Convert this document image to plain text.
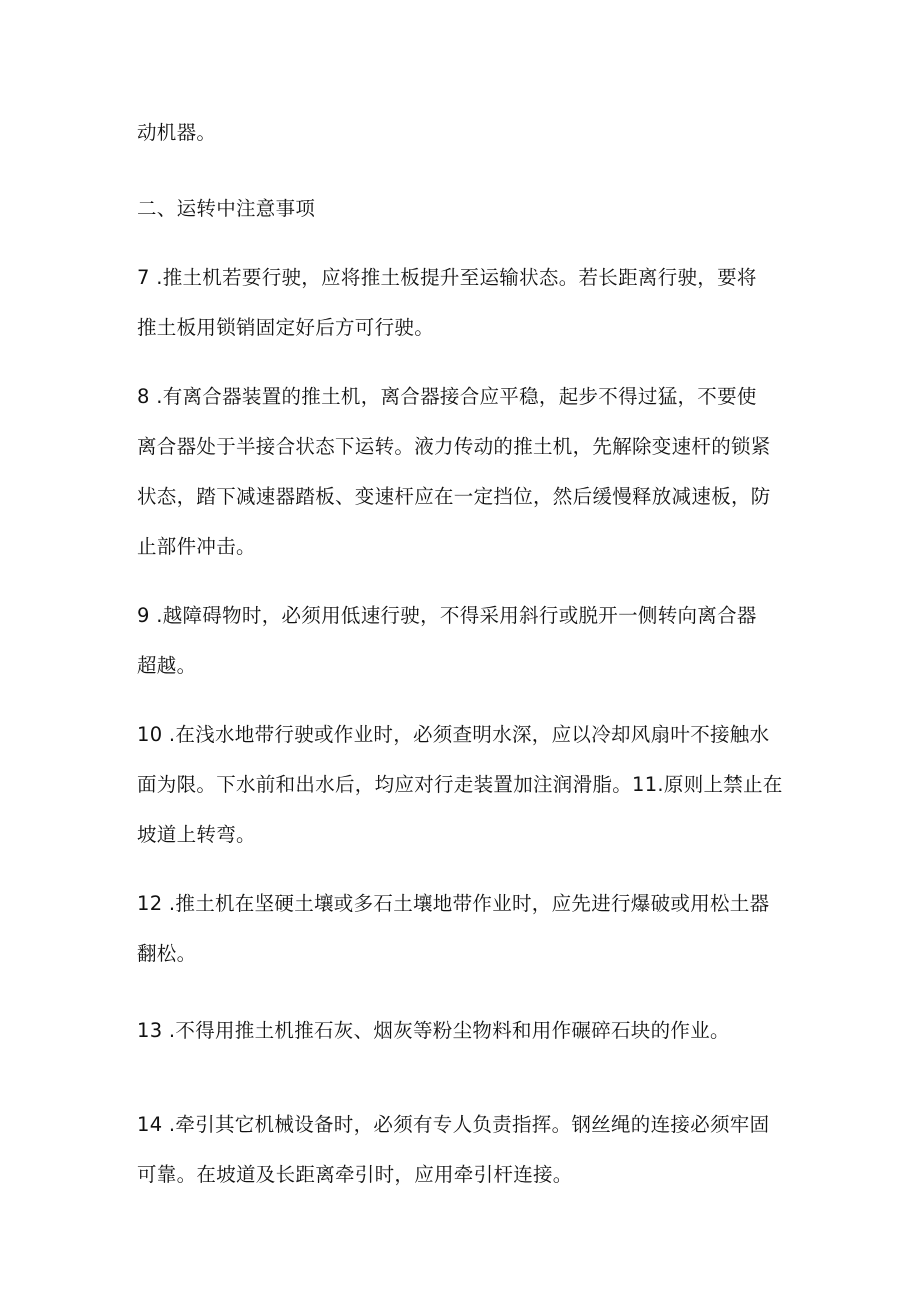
动机器。
二、运转中注意事项
7 .推土机若要行驶，应将推土板提升至运输状态。若长距离行驶，要将
推土板用锁销固定好后方可行驶。
8 .有离合器装置的推土机，离合器接合应平稳，起步不得过猛，不要使
离合器处于半接合状态下运转。液力传动的推土机，先解除变速杆的锁紧
状态，踏下减速器踏板、变速杆应在一定挡位，然后缓慢释放减速板，防
止部件冲击。
9 .越障碍物时，必须用低速行驶，不得采用斜行或脱开一侧转向离合器
超越。
10 .在浅水地带行驶或作业时，必须查明水深，应以冷却风扇叶不接触水
面为限。下水前和出水后，均应对行走装置加注润滑脂。11.原则上禁止在
坡道上转弯。
12 .推土机在坚硬土壤或多石土壤地带作业时，应先进行爆破或用松土器
翻松。
13 .不得用推土机推石灰、烟灰等粉尘物料和用作碾碎石块的作业。
14 .牵引其它机械设备时，必须有专人负责指挥。钢丝绳的连接必须牢固
可靠。在坡道及长距离牵引时，应用牵引杆连接。
